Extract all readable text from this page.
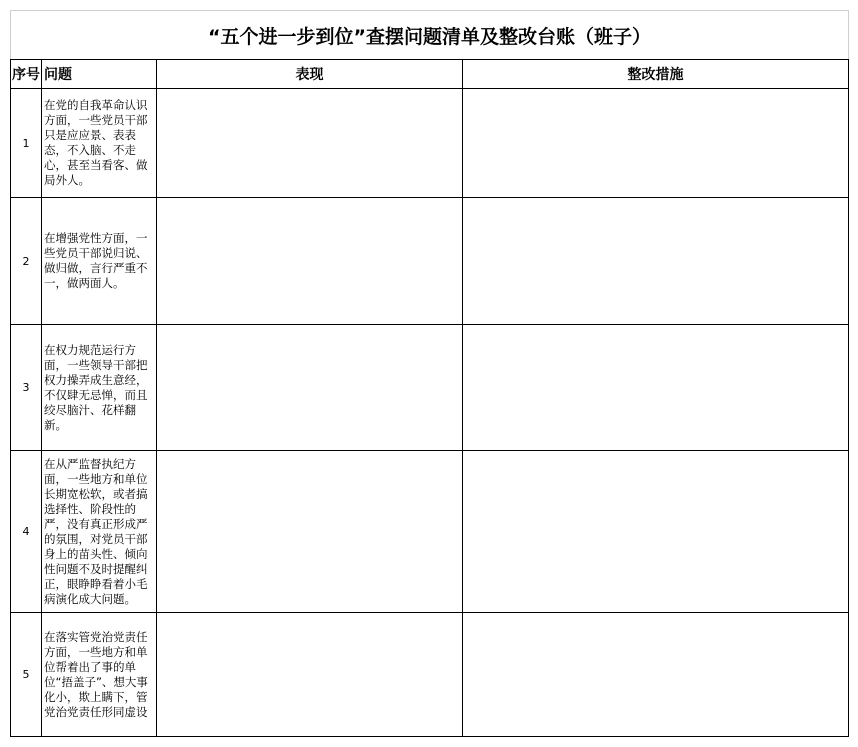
“五个进一步到位”查摆问题清单及整改台账（班子）			
序号	问题	表现	整改措施
1	在党的自我革命认识方面，一些党员干部只是应应景、表表态，不入脑、不走心，甚至当看客、做局外人。		
2	在增强党性方面，一些党员干部说归说、做归做，言行严重不一，做两面人。		
3	在权力规范运行方面，一些领导干部把权力操弄成生意经，不仅肆无忌惮，而且绞尽脑汁、花样翻新。		
4	在从严监督执纪方面，一些地方和单位长期宽松软，或者搞选择性、阶段性的严，没有真正形成严的氛围，对党员干部身上的苗头性、倾向性问题不及时提醒纠正，眼睁睁看着小毛病演化成大问题。		
5	在落实管党治党责任方面，一些地方和单位帮着出了事的单位“捂盖子”、想大事化小，欺上瞒下，管党治党责任形同虚设		
